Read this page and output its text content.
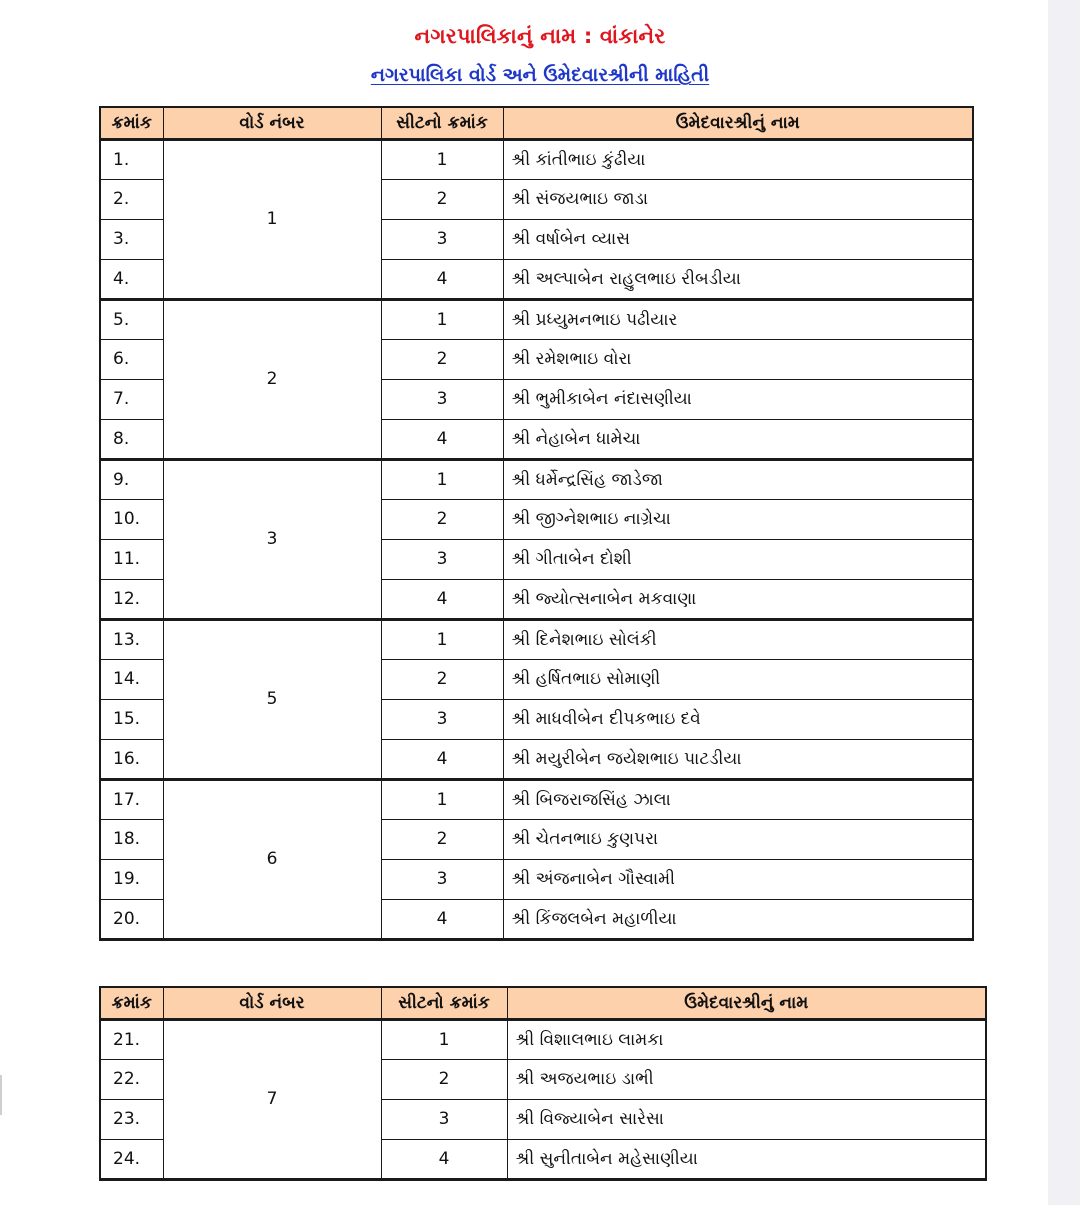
નગરપાલિકાનું નામ : વાંકાનેર
નગરપાલિકા વોર્ડ અને ઉમેદવારશ્રીની માહિતી
ક્રમાંક	વોર્ડ નંબર	સીટનો ક્રમાંક	ઉમેદવારશ્રીનું નામ
1.	1	1	શ્રી કાંતીભાઇ કુંઢીયા
2.		2	શ્રી સંજયભાઇ જાડા
3.		3	શ્રી વર્ષાબેન વ્યાસ
4.		4	શ્રી અલ્પાબેન રાહુલભાઇ રીબડીયા
5.	2	1	શ્રી પ્રધ્યુમનભાઇ પઢીયાર
6.		2	શ્રી રમેશભાઇ વોરા
7.		3	શ્રી ભુમીકાબેન નંદાસણીયા
8.		4	શ્રી નેહાબેન ધામેચા
9.	3	1	શ્રી ધર્મેન્દ્રસિંહ જાડેજા
10.		2	શ્રી જીગ્નેશભાઇ નાગ્રેચા
11.		3	શ્રી ગીતાબેન દોશી
12.		4	શ્રી જ્યોત્સનાબેન મકવાણા
13.	5	1	શ્રી દિનેશભાઇ સોલંકી
14.		2	શ્રી હર્ષિતભાઇ સોમાણી
15.		3	શ્રી માધવીબેન દીપકભાઇ દવે
16.		4	શ્રી મયુરીબેન જયેશભાઇ પાટડીયા
17.	6	1	શ્રી બિજરાજસિંહ ઝાલા
18.		2	શ્રી ચેતનભાઇ કુણપરા
19.		3	શ્રી અંજનાબેન ગૌસ્વામી
20.		4	શ્રી કિંજલબેન મહાળીયા
ક્રમાંક	વોર્ડ નંબર	સીટનો ક્રમાંક	ઉમેદવારશ્રીનું નામ
21.	7	1	શ્રી વિશાલભાઇ લામકા
22.		2	શ્રી અજયભાઇ ડાભી
23.		3	શ્રી વિજ્યાબેન સારેસા
24.		4	શ્રી સુનીતાબેન મહેસાણીયા
